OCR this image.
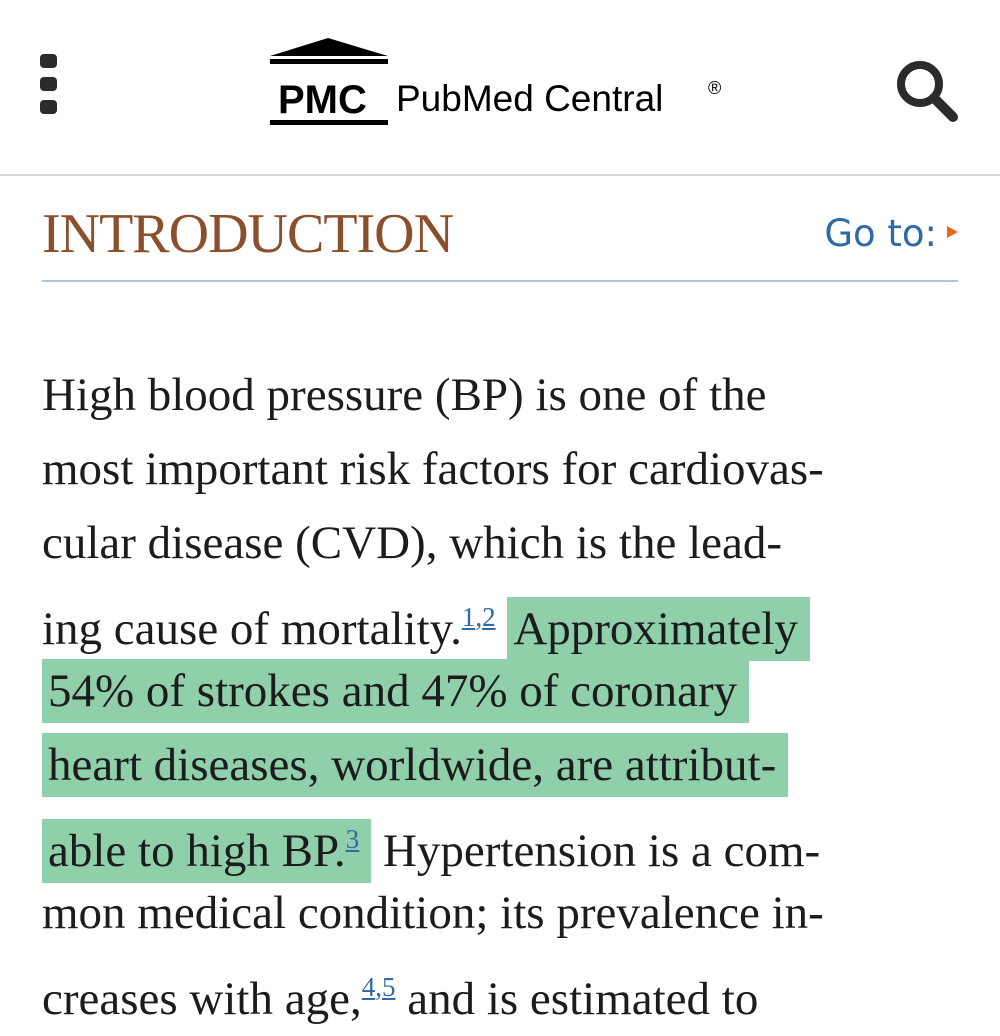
PMC PubMed Central ®
INTRODUCTION	Go to:
High blood pressure (BP) is one of the
most important risk factors for cardiovas-
cular disease (CVD), which is the lead-
ing cause of mortality.$^{1,2}$ Approximately
54% of strokes and 47% of coronary
heart diseases, worldwide, are attribut-
able to high BP.$^3$ Hypertension is a com-
mon medical condition; its prevalence in-
creases with age,$^{4,5}$ and is estimated to
